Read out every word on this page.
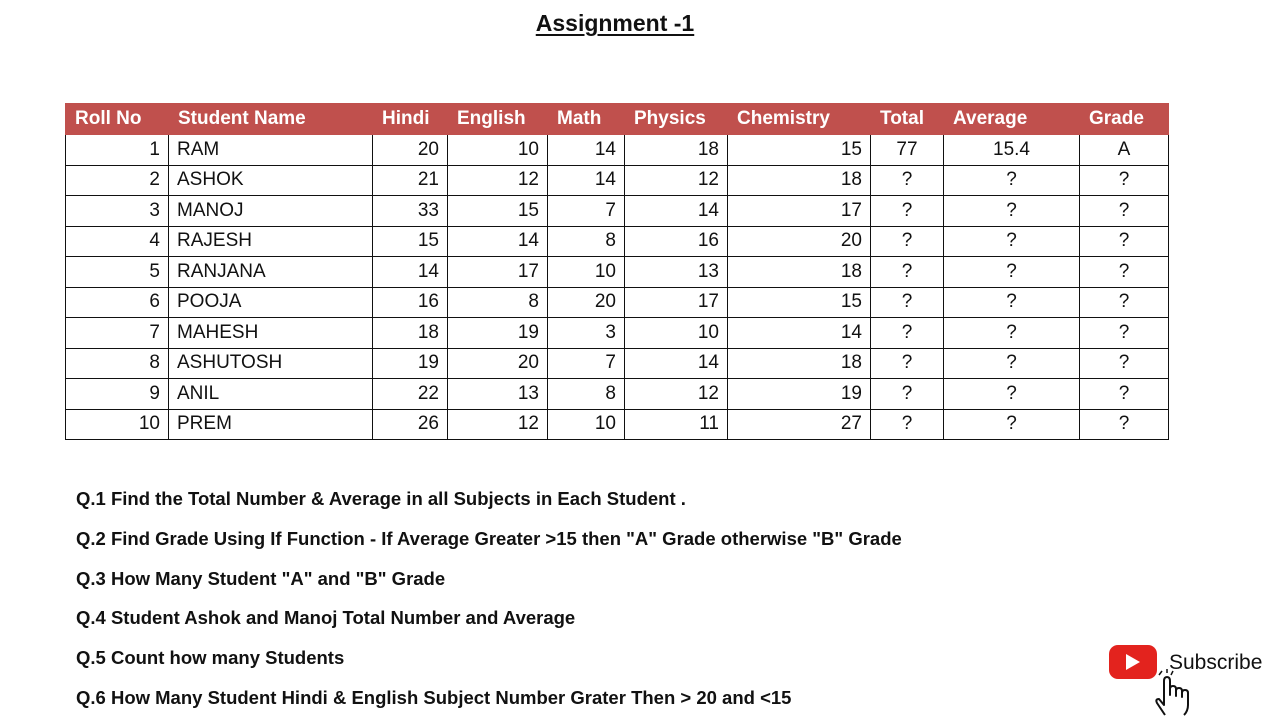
Assignment -1
Roll No	Student Name	Hindi	English	Math	Physics	Chemistry	Total	Average	Grade
1	RAM	20	10	14	18	15	77	15.4	A
2	ASHOK	21	12	14	12	18	?	?	?
3	MANOJ	33	15	7	14	17	?	?	?
4	RAJESH	15	14	8	16	20	?	?	?
5	RANJANA	14	17	10	13	18	?	?	?
6	POOJA	16	8	20	17	15	?	?	?
7	MAHESH	18	19	3	10	14	?	?	?
8	ASHUTOSH	19	20	7	14	18	?	?	?
9	ANIL	22	13	8	12	19	?	?	?
10	PREM	26	12	10	11	27	?	?	?
Q.1 Find the Total Number & Average in all Subjects in Each Student .
Q.2 Find Grade Using If Function - If Average Greater >15 then "A" Grade otherwise "B" Grade
Q.3 How Many Student "A" and "B" Grade
Q.4 Student Ashok and Manoj Total Number and Average
Q.5 Count how many Students
Q.6 How Many Student Hindi & English Subject Number Grater Then > 20 and <15
Subscribe
